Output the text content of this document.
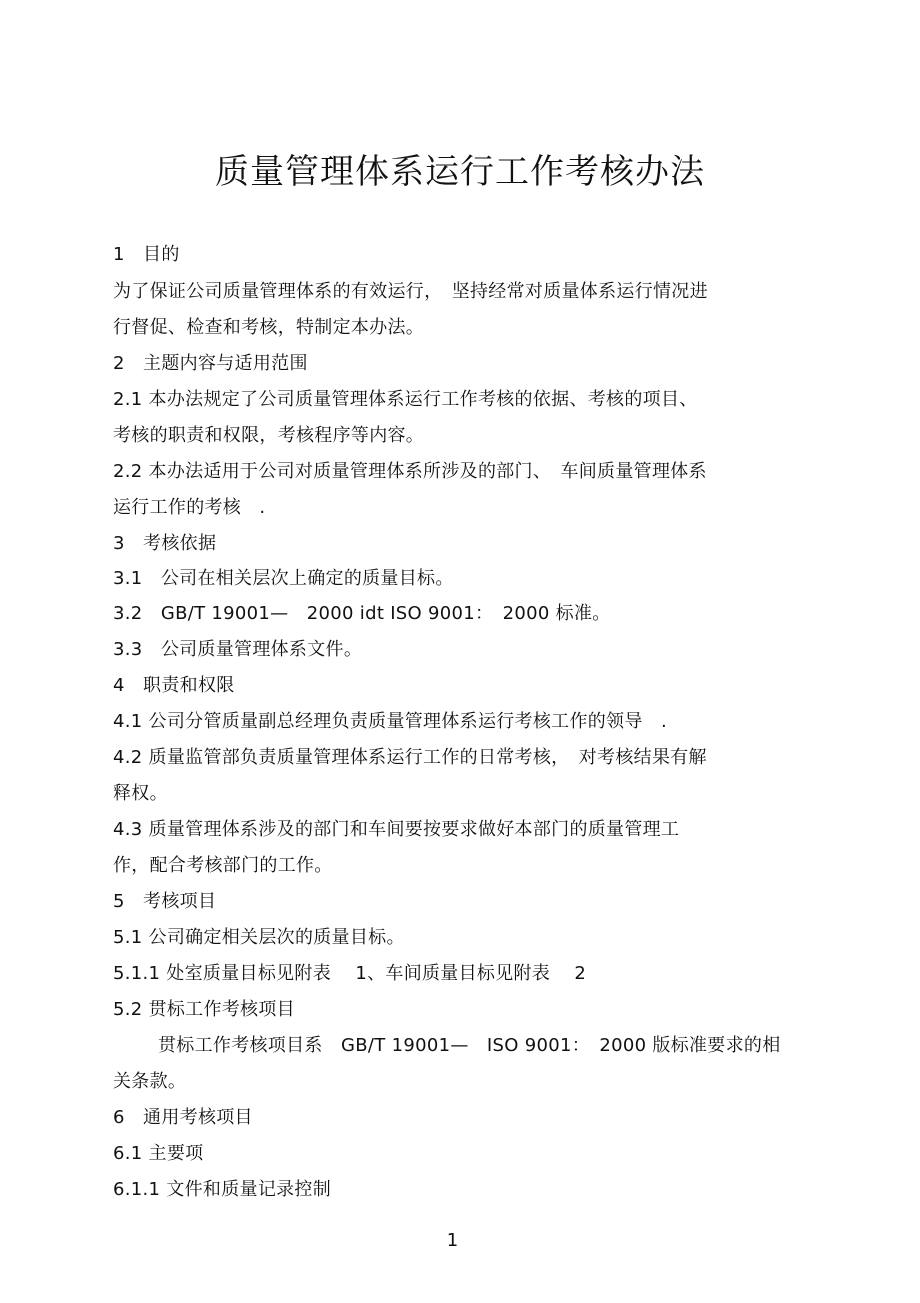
质量管理体系运行工作考核办法
1　目的
为了保证公司质量管理体系的有效运行，　坚持经常对质量体系运行情况进
行督促、检查和考核，特制定本办法。
2　主题内容与适用范围
2.1 本办法规定了公司质量管理体系运行工作考核的依据、考核的项目、
考核的职责和权限，考核程序等内容。
2.2 本办法适用于公司对质量管理体系所涉及的部门、　车间质量管理体系
运行工作的考核　.
3　考核依据
3.1　公司在相关层次上确定的质量目标。
3.2　GB/T 19001—　2000 idt ISO 9001：　2000 标准。
3.3　公司质量管理体系文件。
4　职责和权限
4.1 公司分管质量副总经理负责质量管理体系运行考核工作的领导　.
4.2 质量监管部负责质量管理体系运行工作的日常考核，　对考核结果有解
释权。
4.3 质量管理体系涉及的部门和车间要按要求做好本部门的质量管理工
作，配合考核部门的工作。
5　考核项目
5.1 公司确定相关层次的质量目标。
5.1.1 处室质量目标见附表　 1、车间质量目标见附表　 2
5.2 贯标工作考核项目
贯标工作考核项目系　GB/T 19001—　ISO 9001：　2000 版标准要求的相
关条款。
6　通用考核项目
6.1 主要项
6.1.1 文件和质量记录控制
1
